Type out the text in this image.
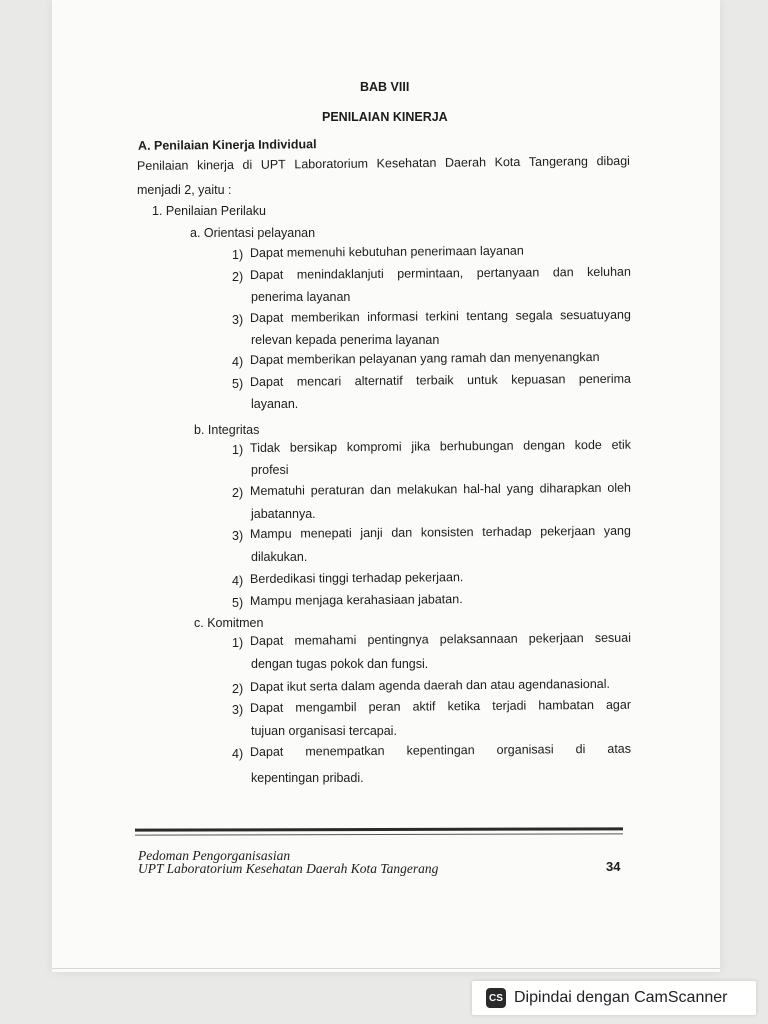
BAB VIII
PENILAIAN KINERJA
A. Penilaian Kinerja Individual
Penilaian kinerja di UPT Laboratorium Kesehatan Daerah Kota Tangerang dibagi
menjadi 2, yaitu :
1. Penilaian Perilaku
a. Orientasi pelayanan
1) Dapat memenuhi kebutuhan penerimaan layanan
2) Dapat menindaklanjuti permintaan, pertanyaan dan keluhan
penerima layanan
3) Dapat memberikan informasi terkini tentang segala sesuatuyang
relevan kepada penerima layanan
4) Dapat memberikan pelayanan yang ramah dan menyenangkan
5) Dapat mencari alternatif terbaik untuk kepuasan penerima
layanan.
b. Integritas
1) Tidak bersikap kompromi jika berhubungan dengan kode etik
profesi
2) Mematuhi peraturan dan melakukan hal-hal yang diharapkan oleh
jabatannya.
3) Mampu menepati janji dan konsisten terhadap pekerjaan yang
dilakukan.
4) Berdedikasi tinggi terhadap pekerjaan.
5) Mampu menjaga kerahasiaan jabatan.
c. Komitmen
1) Dapat memahami pentingnya pelaksannaan pekerjaan sesuai
dengan tugas pokok dan fungsi.
2) Dapat ikut serta dalam agenda daerah dan atau agendanasional.
3) Dapat mengambil peran aktif ketika terjadi hambatan agar
tujuan organisasi tercapai.
4) Dapat menempatkan kepentingan organisasi di atas
kepentingan pribadi.
Pedoman Pengorganisasian
UPT Laboratorium Kesehatan Daerah Kota Tangerang	34
CS Dipindai dengan CamScanner
